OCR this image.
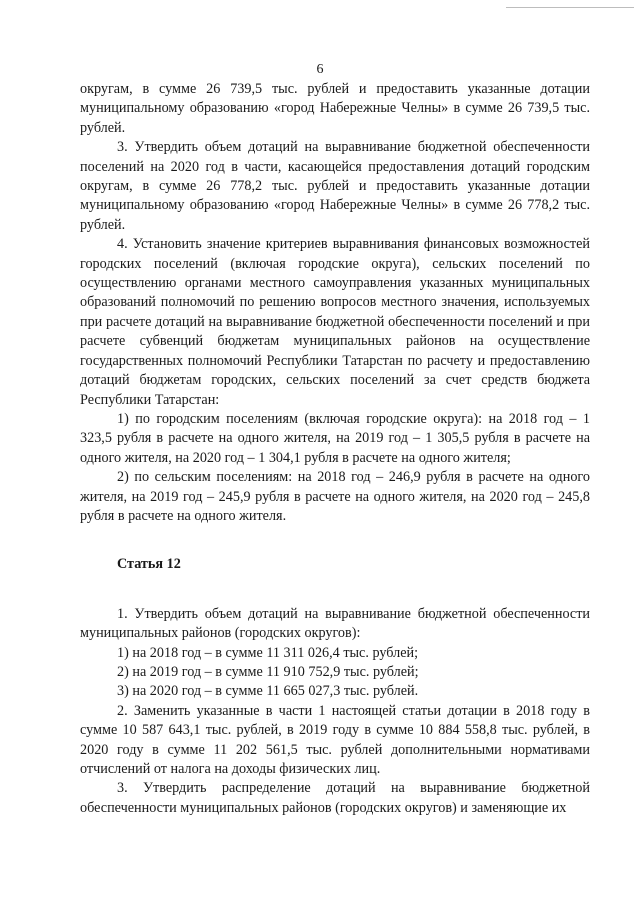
6

округам, в сумме 26 739,5 тыс. рублей и предоставить указанные дотации муниципальному образованию «город Набережные Челны» в сумме 26 739,5 тыс. рублей.

3. Утвердить объем дотаций на выравнивание бюджетной обеспеченности поселений на 2020 год в части, касающейся предоставления дотаций городским округам, в сумме 26 778,2 тыс. рублей и предоставить указанные дотации муниципальному образованию «город Набережные Челны» в сумме 26 778,2 тыс. рублей.

4. Установить значение критериев выравнивания финансовых возможностей городских поселений (включая городские округа), сельских поселений по осуществлению органами местного самоуправления указанных муниципальных образований полномочий по решению вопросов местного значения, используемых при расчете дотаций на выравнивание бюджетной обеспеченности поселений и при расчете субвенций бюджетам муниципальных районов на осуществление государственных полномочий Республики Татарстан по расчету и предоставлению дотаций бюджетам городских, сельских поселений за счет средств бюджета Республики Татарстан:

1) по городским поселениям (включая городские округа): на 2018 год – 1 323,5 рубля в расчете на одного жителя, на 2019 год – 1 305,5 рубля в расчете на одного жителя, на 2020 год – 1 304,1 рубля в расчете на одного жителя;

2) по сельским поселениям: на 2018 год – 246,9 рубля в расчете на одного жителя, на 2019 год – 245,9 рубля в расчете на одного жителя, на 2020 год – 245,8 рубля в расчете на одного жителя.

Статья 12

1. Утвердить объем дотаций на выравнивание бюджетной обеспеченности муниципальных районов (городских округов):

1) на 2018 год – в сумме 11 311 026,4 тыс. рублей;

2) на 2019 год – в сумме 11 910 752,9 тыс. рублей;

3) на 2020 год – в сумме 11 665 027,3 тыс. рублей.

2. Заменить указанные в части 1 настоящей статьи дотации в 2018 году в сумме 10 587 643,1 тыс. рублей, в 2019 году в сумме 10 884 558,8 тыс. рублей, в 2020 году в сумме 11 202 561,5 тыс. рублей дополнительными нормативами отчислений от налога на доходы физических лиц.

3. Утвердить распределение дотаций на выравнивание бюджетной обеспеченности муниципальных районов (городских округов) и заменяющие их
